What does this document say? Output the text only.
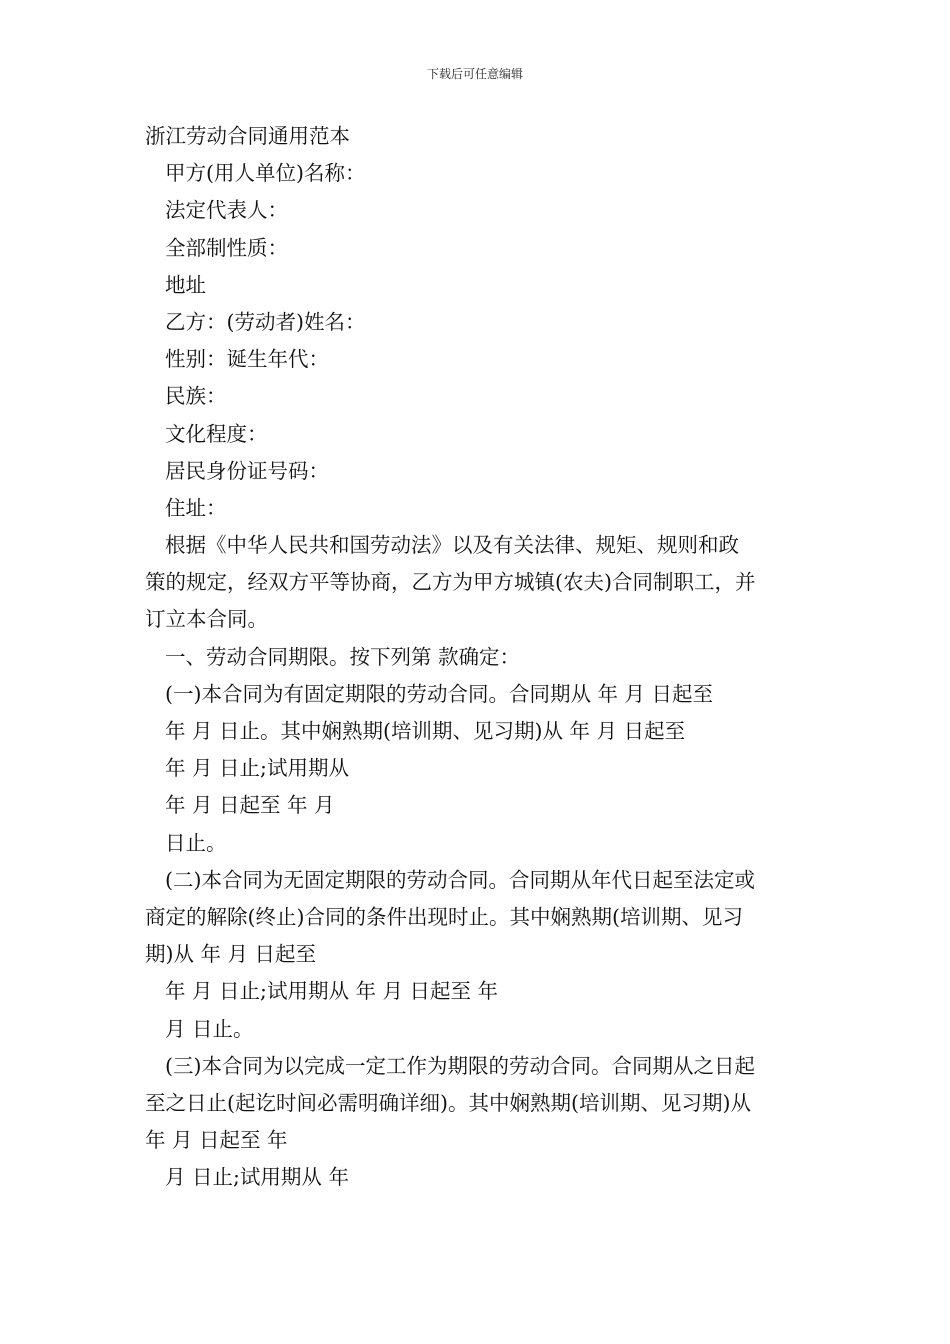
下载后可任意编辑
浙江劳动合同通用范本
甲方(用人单位)名称：
法定代表人：
全部制性质：
地址
乙方：(劳动者)姓名：
性别：诞生年代：
民族：
文化程度：
居民身份证号码：
住址：
根据《中华人民共和国劳动法》以及有关法律、规矩、规则和政
策的规定，经双方平等协商，乙方为甲方城镇(农夫)合同制职工，并
订立本合同。
一、劳动合同期限。按下列第 款确定：
(一)本合同为有固定期限的劳动合同。合同期从 年 月 日起至
年 月 日止。其中娴熟期(培训期、见习期)从 年 月 日起至
年 月 日止;试用期从
年 月 日起至 年 月
日止。
(二)本合同为无固定期限的劳动合同。合同期从年代日起至法定或
商定的解除(终止)合同的条件出现时止。其中娴熟期(培训期、见习
期)从 年 月 日起至
年 月 日止;试用期从 年 月 日起至 年
月 日止。
(三)本合同为以完成一定工作为期限的劳动合同。合同期从之日起
至之日止(起讫时间必需明确详细)。其中娴熟期(培训期、见习期)从
年 月 日起至 年
月 日止;试用期从 年
